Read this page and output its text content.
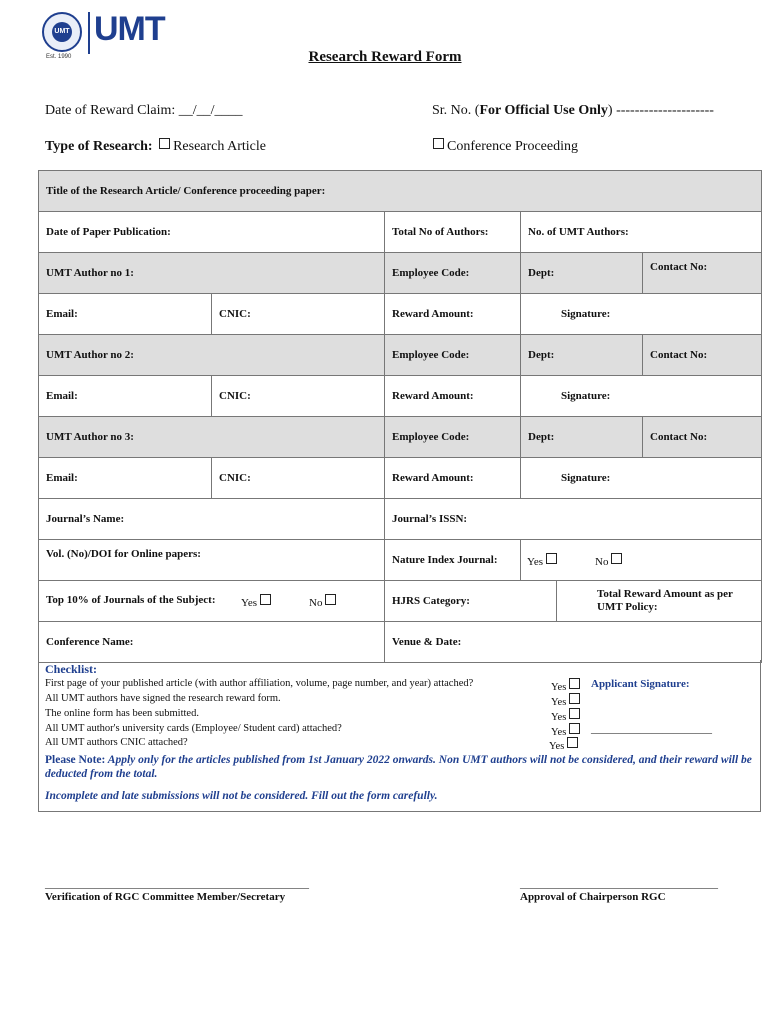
UMT
Est. 1990
UMT
Research Reward Form
Date of Reward Claim: __/__/____	Sr. No. (For Official Use Only) ---------------------
Type of Research: Research Article	Conference Proceeding
Title of the Research Article/ Conference proceeding paper:					
Date of Paper Publication:		Total No of Authors:	No. of UMT Authors:		
UMT Author no 1:		Employee Code:	Dept:		Contact No:
Email:	CNIC:	Reward Amount:	Signature:		
UMT Author no 2:		Employee Code:	Dept:		Contact No:
Email:	CNIC:	Reward Amount:	Signature:		
UMT Author no 3:		Employee Code:	Dept:		Contact No:
Email:	CNIC:	Reward Amount:	Signature:		
Journal’s Name:		Journal’s ISSN:			
Vol. (No)/DOI for Online papers:		Nature Index Journal:	Yes No		

Top 10% of Journals of the Subject: Yes No		HJRS Category:		Total Reward Amount as per UMT Policy:	
Conference Name:		Venue & Date:			
Checklist:
First page of your published article (with author affiliation, volume, page number, and year) attached?
All UMT authors have signed the research reward form.
The online form has been submitted.
All UMT author's university cards (Employee/ Student card) attached?
All UMT authors CNIC attached?
Yes
Yes
Yes
Yes
Yes
Applicant Signature:
______________________
Please Note: Apply only for the articles published from 1st January 2022 onwards. Non UMT authors will not be considered, and their reward will be deducted from the total.
Incomplete and late submissions will not be considered. Fill out the form carefully.
________________________________________________
Verification of RGC Committee Member/Secretary
____________________________________
Approval of Chairperson RGC
